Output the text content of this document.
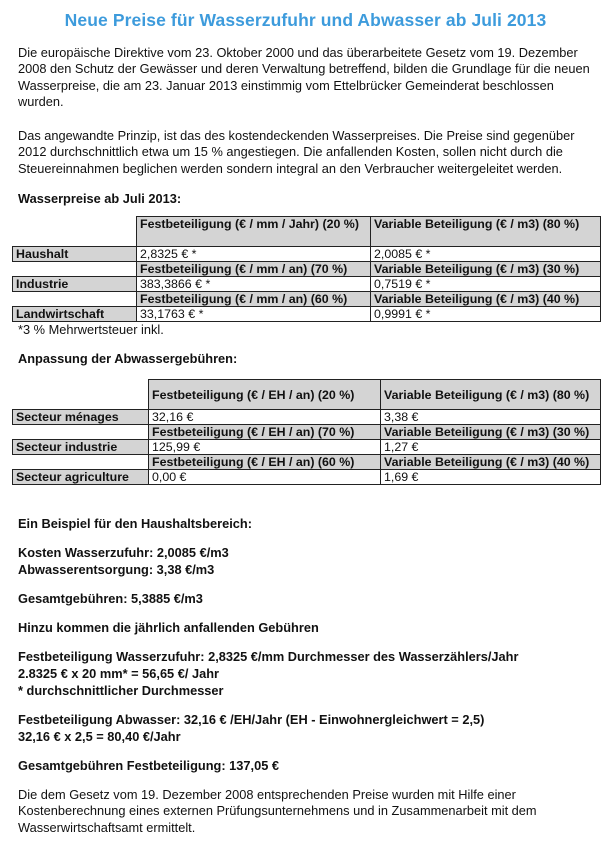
Neue Preise für Wasserzufuhr und Abwasser ab Juli 2013

Die europäische Direktive vom 23. Oktober 2000 und das überarbeitete Gesetz vom 19. Dezember 2008 den Schutz der Gewässer und deren Verwaltung betreffend, bilden die Grundlage für die neuen Wasserpreise, die am 23. Januar 2013 einstimmig vom Ettelbrücker Gemeinderat beschlossen wurden.

Das angewandte Prinzip, ist das des kostendeckenden Wasserpreises. Die Preise sind gegenüber 2012 durchschnittlich etwa um 15 % angestiegen. Die anfallenden Kosten, sollen nicht durch die Steuereinnahmen beglichen werden sondern integral an den Verbraucher weitergeleitet werden.

Wasserpreise ab Juli 2013:
	Festbeteiligung (€ / mm / Jahr) (20 %)	Variable Beteiligung (€ / m3) (80 %)
Haushalt	2,8325 € *	2,0085 € *
	Festbeteiligung (€ / mm / an) (70 %)	Variable Beteiligung (€ / m3) (30 %)
Industrie	383,3866 € *	0,7519 € *
	Festbeteiligung (€ / mm / an) (60 %)	Variable Beteiligung (€ / m3) (40 %)
Landwirtschaft	33,1763 € *	0,9991 € *
*3 % Mehrwertsteuer inkl.
Anpassung der Abwassergebühren:
	Festbeteiligung (€ / EH / an) (20 %)	Variable Beteiligung (€ / m3) (80 %)
Secteur ménages	32,16 €	3,38 €
	Festbeteiligung (€ / EH / an) (70 %)	Variable Beteiligung (€ / m3) (30 %)
Secteur industrie	125,99 €	1,27 €
	Festbeteiligung (€ / EH / an) (60 %)	Variable Beteiligung (€ / m3) (40 %)
Secteur agriculture	0,00 €	1,69 €
Ein Beispiel für den Haushaltsbereich:
Kosten Wasserzufuhr: 2,0085 €/m3
Abwasserentsorgung: 3,38 €/m3
Gesamtgebühren: 5,3885 €/m3
Hinzu kommen die jährlich anfallenden Gebühren
Festbeteiligung Wasserzufuhr: 2,8325 €/mm Durchmesser des Wasserzählers/Jahr
2.8325 € x 20 mm* = 56,65 €/ Jahr
* durchschnittlicher Durchmesser
Festbeteiligung Abwasser: 32,16 € /EH/Jahr (EH - Einwohnergleichwert = 2,5)
32,16 € x 2,5 = 80,40 €/Jahr
Gesamtgebühren Festbeteiligung: 137,05 €

Die dem Gesetz vom 19. Dezember 2008 entsprechenden Preise wurden mit Hilfe einer Kostenberechnung eines externen Prüfungsunternehmens und in Zusammenarbeit mit dem Wasserwirtschaftsamt ermittelt.
